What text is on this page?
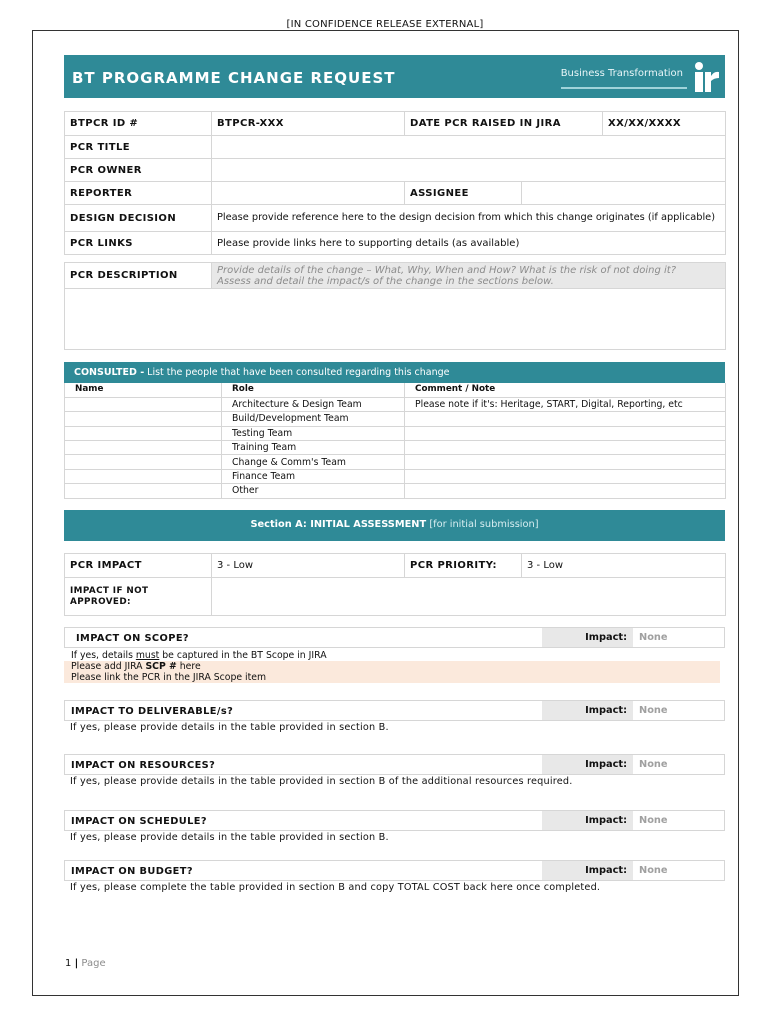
[IN CONFIDENCE RELEASE EXTERNAL]
BT PROGRAMME CHANGE REQUEST	Business Transformation
BTPCR ID #	BTPCR-XXX	DATE PCR RAISED IN JIRA		XX/XX/XXXX
PCR TITLE				
PCR OWNER				
REPORTER		ASSIGNEE		
DESIGN DECISION	Please provide reference here to the design decision from which this change originates (if applicable)			
PCR LINKS	Please provide links here to supporting details (as available)			
PCR DESCRIPTION	Provide details of the change – What, Why, When and How? What is the risk of not doing it?
Assess and detail the impact/s of the change in the sections below.

CONSULTED - List the people that have been consulted regarding this change
Name	Role	Comment / Note
	Architecture & Design Team	Please note if it's: Heritage, START, Digital, Reporting, etc
	Build/Development Team	
	Testing Team	
	Training Team	
	Change & Comm's Team	
	Finance Team	
	Other	
Section A: INITIAL ASSESSMENT [for initial submission]
PCR IMPACT	3 - Low	PCR PRIORITY:	3 - Low

IMPACT IF NOT
APPROVED:			

IMPACT ON SCOPE?	Impact:	None
If yes, details must be captured in the BT Scope in JIRA
Please add JIRA SCP # here
Please link the PCR in the JIRA Scope item
IMPACT TO DELIVERABLE/s?	Impact:	None
If yes, please provide details in the table provided in section B.
IMPACT ON RESOURCES?	Impact:	None
If yes, please provide details in the table provided in section B of the additional resources required.
IMPACT ON SCHEDULE?	Impact:	None
If yes, please provide details in the table provided in section B.
IMPACT ON BUDGET?	Impact:	None
If yes, please complete the table provided in section B and copy TOTAL COST back here once completed.
1 | Page
